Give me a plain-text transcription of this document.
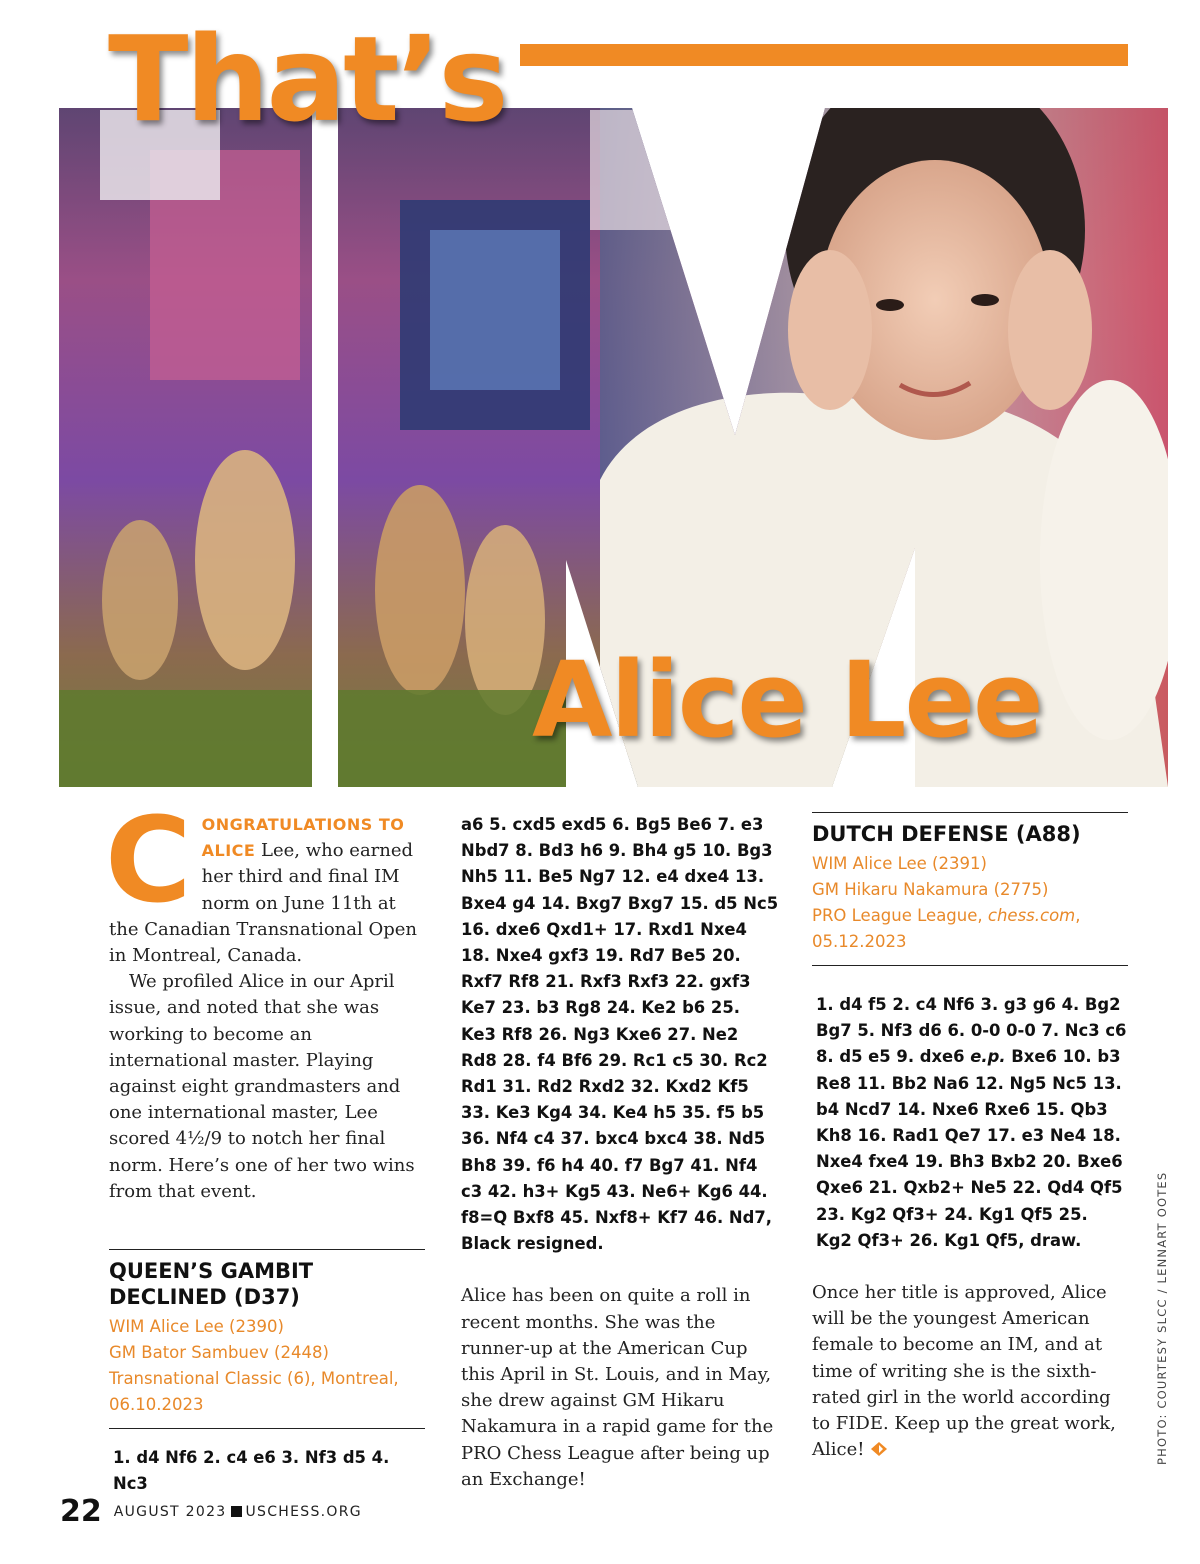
That’s
Alice Lee

CONGRATULATIONS TO ALICE Lee, who earned her third and final IM norm on June 11th at the Canadian Transnational Open in Montreal, Canada.

We profiled Alice in our April issue, and noted that she was working to become an international master. Playing against eight grandmasters and one international master, Lee scored 4½/9 to notch her final norm. Here’s one of her two wins from that event.

QUEEN’S GAMBIT DECLINED (D37)

WIM Alice Lee (2390)

GM Bator Sambuev (2448)

Transnational Classic (6), Montreal, 06.10.2023

1. d4 Nf6 2. c4 e6 3. Nf3 d5 4. Nc3

a6 5. cxd5 exd5 6. Bg5 Be6 7. e3 Nbd7 8. Bd3 h6 9. Bh4 g5 10. Bg3 Nh5 11. Be5 Ng7 12. e4 dxe4 13. Bxe4 g4 14. Bxg7 Bxg7 15. d5 Nc5 16. dxe6 Qxd1+ 17. Rxd1 Nxe4 18. Nxe4 gxf3 19. Rd7 Be5 20. Rxf7 Rf8 21. Rxf3 Rxf3 22. gxf3 Ke7 23. b3 Rg8 24. Ke2 b6 25. Ke3 Rf8 26. Ng3 Kxe6 27. Ne2 Rd8 28. f4 Bf6 29. Rc1 c5 30. Rc2 Rd1 31. Rd2 Rxd2 32. Kxd2 Kf5 33. Ke3 Kg4 34. Ke4 h5 35. f5 b5 36. Nf4 c4 37. bxc4 bxc4 38. Nd5 Bh8 39. f6 h4 40. f7 Bg7 41. Nf4 c3 42. h3+ Kg5 43. Ne6+ Kg6 44. f8=Q Bxf8 45. Nxf8+ Kf7 46. Nd7, Black resigned.

Alice has been on quite a roll in recent months. She was the runner-up at the American Cup this April in St. Louis, and in May, she drew against GM Hikaru Nakamura in a rapid game for the PRO Chess League after being up an Exchange!

DUTCH DEFENSE (A88)

WIM Alice Lee (2391)

GM Hikaru Nakamura (2775)

PRO League League, chess.com,

05.12.2023

1. d4 f5 2. c4 Nf6 3. g3 g6 4. Bg2 Bg7 5. Nf3 d6 6. 0-0 0-0 7. Nc3 c6 8. d5 e5 9. dxe6 e.p. Bxe6 10. b3 Re8 11. Bb2 Na6 12. Ng5 Nc5 13. b4 Ncd7 14. Nxe6 Rxe6 15. Qb3 Kh8 16. Rad1 Qe7 17. e3 Ne4 18. Nxe4 fxe4 19. Bh3 Bxb2 20. Bxe6 Qxe6 21. Qxb2+ Ne5 22. Qd4 Qf5 23. Kg2 Qf3+ 24. Kg1 Qf5 25. Kg2 Qf3+ 26. Kg1 Qf5, draw.

Once her title is approved, Alice will be the youngest American female to become an IM, and at time of writing she is the sixth-rated girl in the world according to FIDE. Keep up the great work, Alice!	PHOTO: COURTESY SLCC / LENNART OOTES
22 AUGUST 2023 USCHESS.ORG
